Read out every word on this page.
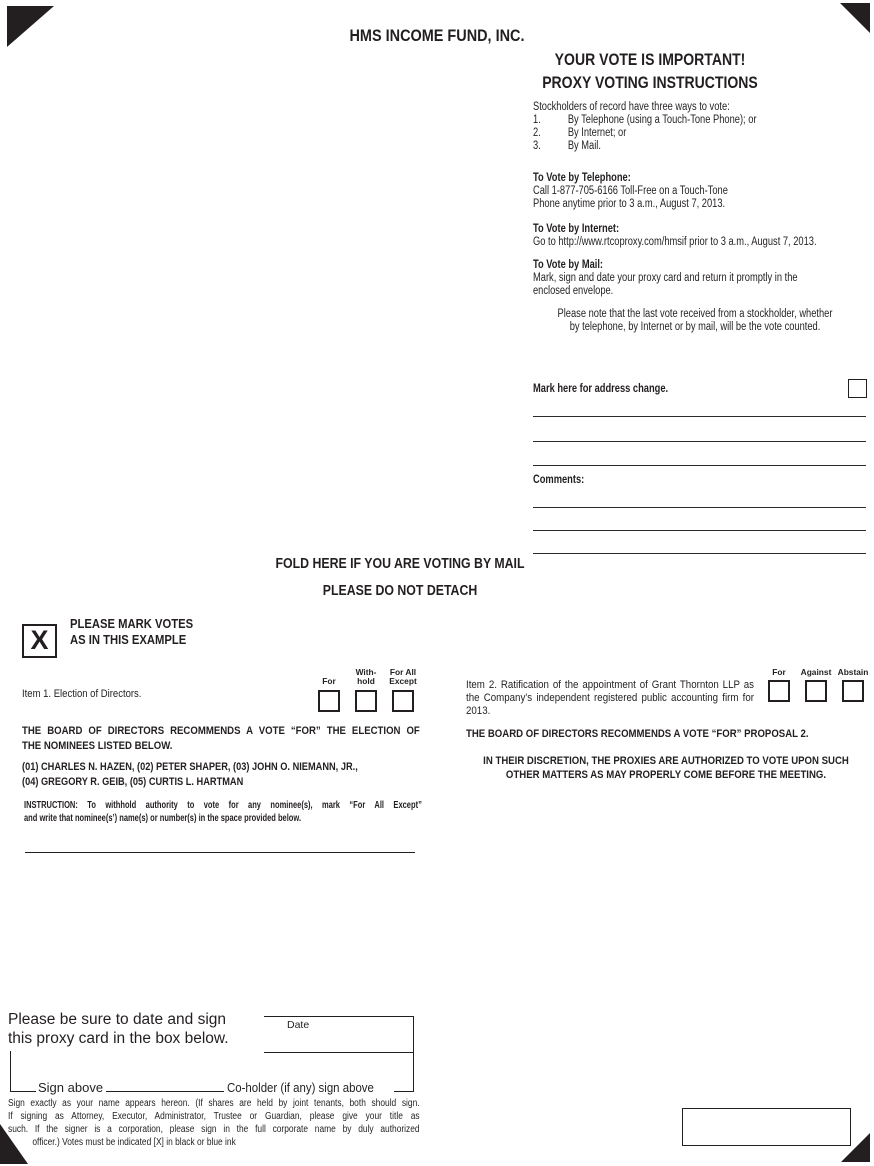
HMS INCOME FUND, INC.
YOUR VOTE IS IMPORTANT!
PROXY VOTING INSTRUCTIONS
Stockholders of record have three ways to vote:
1.	By Telephone (using a Touch-Tone Phone); or
2.	By Internet; or
3.	By Mail.
To Vote by Telephone:
Call 1-877-705-6166 Toll-Free on a Touch-Tone
Phone anytime prior to 3 a.m., August 7, 2013.
To Vote by Internet:
Go to http://www.rtcoproxy.com/hmsif prior to 3 a.m., August 7, 2013.
To Vote by Mail:
Mark, sign and date your proxy card and return it promptly in the
enclosed envelope.
Please note that the last vote received from a stockholder, whether
by telephone, by Internet or by mail, will be the vote counted.
Mark here for address change.
Comments:
FOLD HERE IF YOU ARE VOTING BY MAIL
PLEASE DO NOT DETACH
X
PLEASE MARK VOTES
AS IN THIS EXAMPLE
Item 1. Election of Directors.
For
With-
hold
For All
Except
THE BOARD OF DIRECTORS RECOMMENDS A VOTE “FOR” THE ELECTION OF
THE NOMINEES LISTED BELOW.
(01) CHARLES N. HAZEN, (02) PETER SHAPER, (03) JOHN O. NIEMANN, JR.,
(04) GREGORY R. GEIB, (05) CURTIS L. HARTMAN
INSTRUCTION: To withhold authority to vote for any nominee(s), mark “For All Except”
and write that nominee(s’) name(s) or number(s) in the space provided below.
Item 2. Ratification of the appointment of Grant Thornton LLP as the Company’s independent registered public accounting firm for 2013.
For	Against Abstain
THE BOARD OF DIRECTORS RECOMMENDS A VOTE “FOR” PROPOSAL 2.
IN THEIR DISCRETION, THE PROXIES ARE AUTHORIZED TO VOTE UPON SUCH
OTHER MATTERS AS MAY PROPERLY COME BEFORE THE MEETING.
Please be sure to date and sign
this proxy card in the box below.
Date
Sign above	Co-holder (if any) sign above
Sign exactly as your name appears hereon. (If shares are held by joint tenants, both should sign.
If signing as Attorney, Executor, Administrator, Trustee or Guardian, please give your title as
such. If the signer is a corporation, please sign in the full corporate name by duly authorized
officer.) Votes must be indicated [X] in black or blue ink
